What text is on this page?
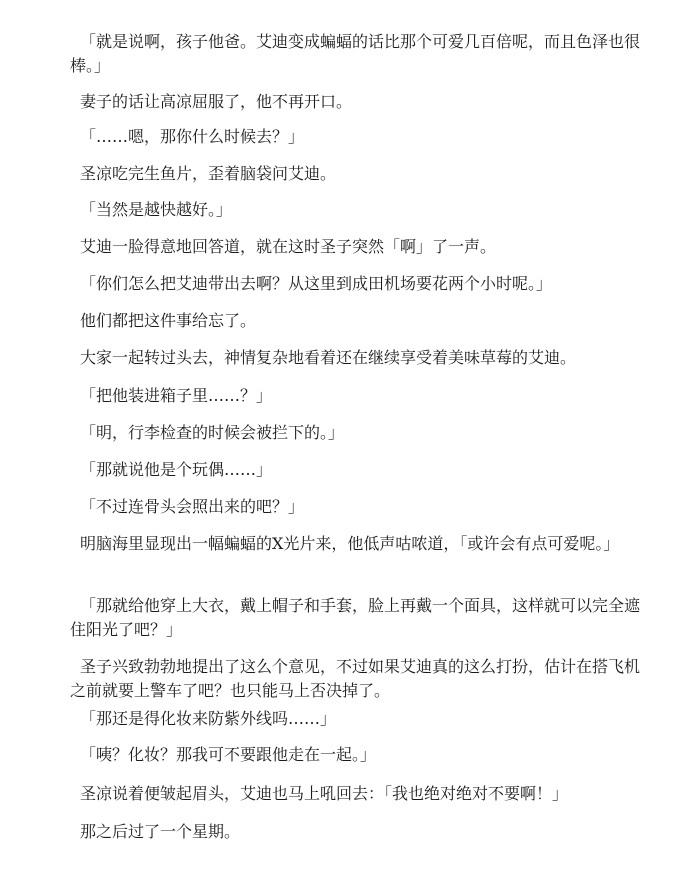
「就是说啊，孩子他爸。艾迪变成蝙蝠的话比那个可爱几百倍呢，而且色泽也很棒。」

妻子的话让高凉屈服了，他不再开口。

「……嗯，那你什么时候去？」

圣凉吃完生鱼片，歪着脑袋问艾迪。

「当然是越快越好。」

艾迪一脸得意地回答道，就在这时圣子突然「啊」了一声。

「你们怎么把艾迪带出去啊？从这里到成田机场要花两个小时呢。」

他们都把这件事给忘了。

大家一起转过头去，神情复杂地看着还在继续享受着美味草莓的艾迪。

「把他装进箱子里……？」

「明，行李检查的时候会被拦下的。」

「那就说他是个玩偶……」

「不过连骨头会照出来的吧？」

明脑海里显现出一幅蝙蝠的X光片来，他低声咕哝道，「或许会有点可爱呢。」

「那就给他穿上大衣，戴上帽子和手套，脸上再戴一个面具，这样就可以完全遮住阳光了吧？」

圣子兴致勃勃地提出了这么个意见，不过如果艾迪真的这么打扮，估计在搭飞机之前就要上警车了吧？也只能马上否决掉了。

「那还是得化妆来防紫外线吗……」

「咦？化妆？那我可不要跟他走在一起。」

圣凉说着便皱起眉头，艾迪也马上吼回去：「我也绝对绝对不要啊！」

那之后过了一个星期。
